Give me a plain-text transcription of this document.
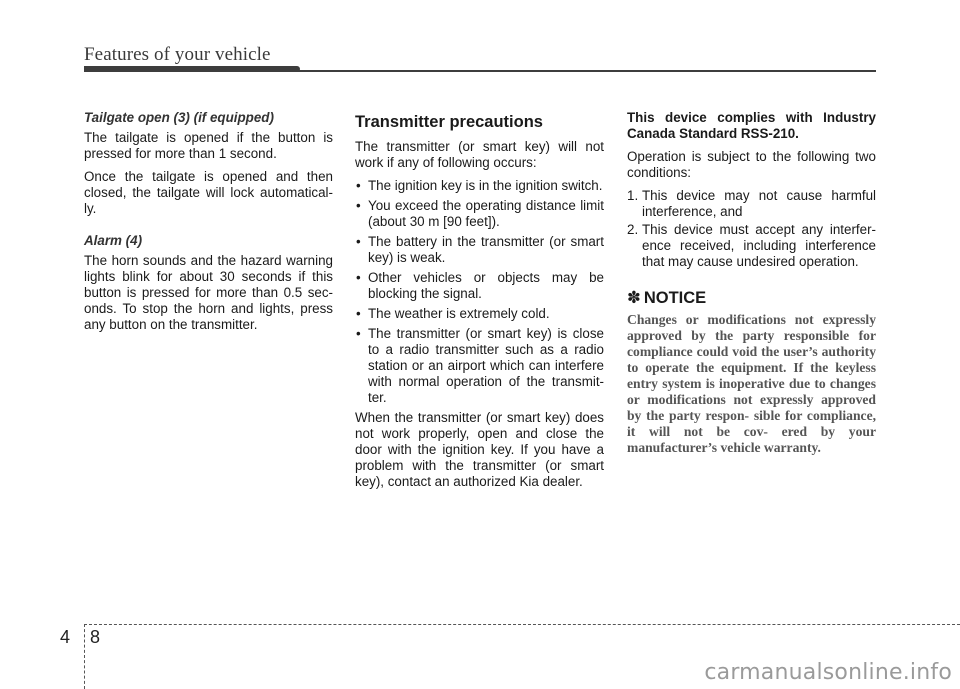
Features of your vehicle
Tailgate open (3) (if equipped)

The tailgate is opened if the button is pressed for more than 1 second.

Once the tailgate is opened and then closed, the tailgate will lock automatical- ly.

Alarm (4)

The horn sounds and the hazard warning lights blink for about 30 seconds if this button is pressed for more than 0.5 sec- onds. To stop the horn and lights, press any button on the transmitter.

Transmitter precautions

The transmitter (or smart key) will not work if any of following occurs:

• The ignition key is in the ignition switch.
• You exceed the operating distance limit (about 30 m [90 feet]).
• The battery in the transmitter (or smart key) is weak.
• Other vehicles or objects may be blocking the signal.
• The weather is extremely cold.
• The transmitter (or smart key) is close to a radio transmitter such as a radio station or an airport which can interfere with normal operation of the transmit- ter.

When the transmitter (or smart key) does not work properly, open and close the door with the ignition key. If you have a problem with the transmitter (or smart key), contact an authorized Kia dealer.

This device complies with Industry Canada Standard RSS-210.

Operation is subject to the following two conditions:

1. This device may not cause harmful interference, and
2. This device must accept any interfer- ence received, including interference that may cause undesired operation.
✽ NOTICE

Changes or modifications not expressly approved by the party responsible for compliance could void the user’s authority to operate the equipment. If the keyless entry system is inoperative due to changes or modifications not expressly approved by the party respon- sible for compliance, it will not be cov- ered by your manufacturer’s vehicle warranty.

4 8
carmanualsonline.info
